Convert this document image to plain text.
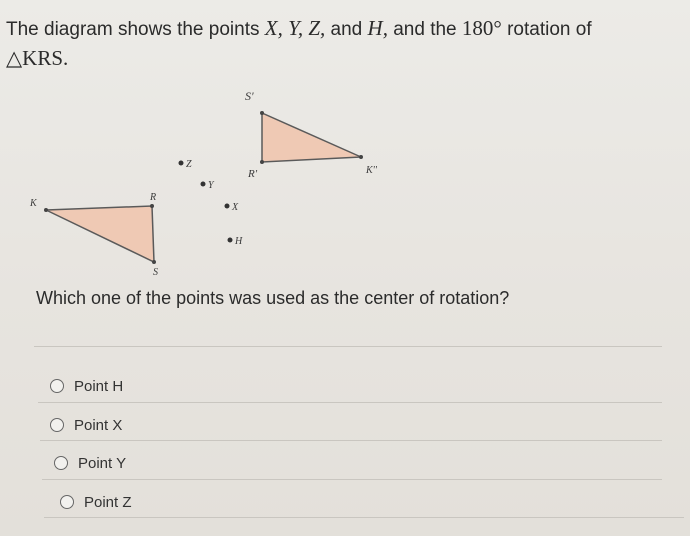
The diagram shows the points X, Y, Z, and H, and the 180° rotation of
△KRS.
S'
R'	K''
Z
Y
X
H
K
R
S
Which one of the points was used as the center of rotation?
Point H
Point X
Point Y
Point Z
